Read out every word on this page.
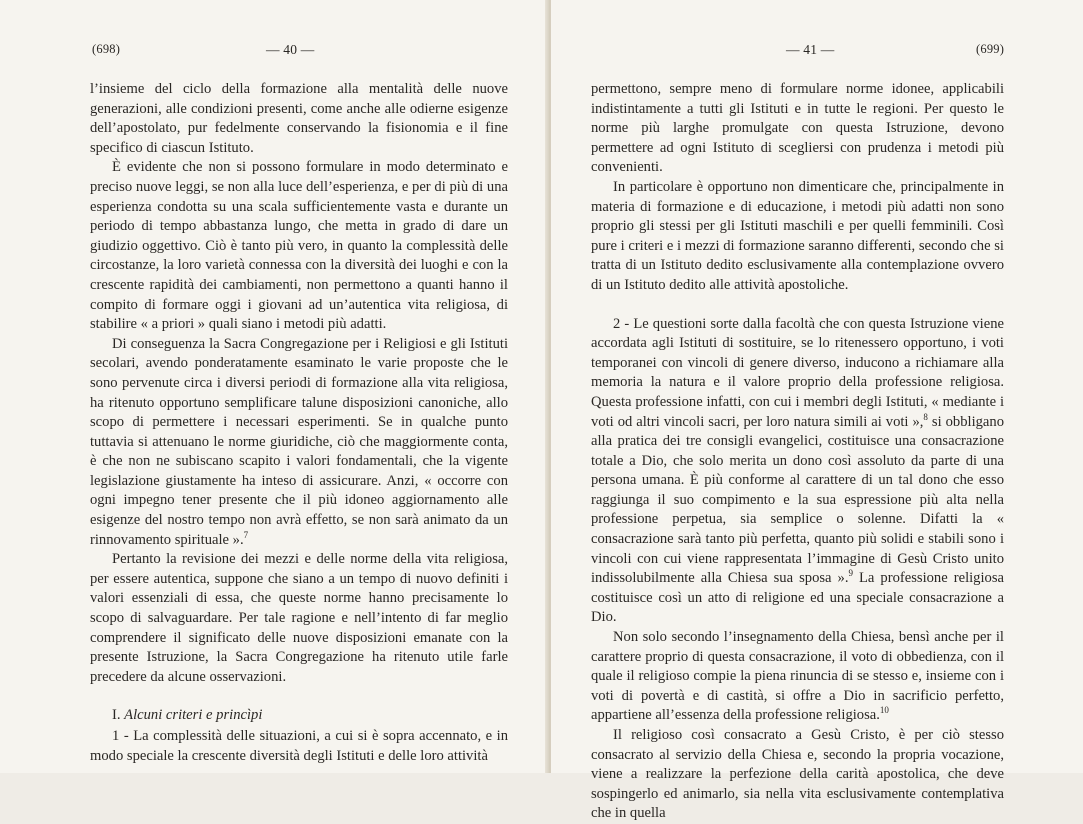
(698)	— 40 —

l’insieme del ciclo della formazione alla mentalità delle nuove generazioni, alle condizioni presenti, come anche alle odierne esigenze dell’apostolato, pur fedelmente conservando la fisionomia e il fine specifico di ciascun Istituto.

È evidente che non si possono formulare in modo determinato e preciso nuove leggi, se non alla luce dell’esperienza, e per di più di una esperienza condotta su una scala sufficientemente vasta e durante un periodo di tempo abbastanza lungo, che metta in grado di dare un giudizio oggettivo. Ciò è tanto più vero, in quanto la complessità delle circostanze, la loro varietà connessa con la diversità dei luoghi e con la crescente rapidità dei cambiamenti, non permettono a quanti hanno il compito di formare oggi i giovani ad un’autentica vita religiosa, di stabilire « a priori » quali siano i metodi più adatti.

Di conseguenza la Sacra Congregazione per i Religiosi e gli Istituti secolari, avendo ponderatamente esaminato le varie proposte che le sono pervenute circa i diversi periodi di formazione alla vita religiosa, ha ritenuto opportuno semplificare talune disposizioni canoniche, allo scopo di permettere i necessari esperimenti. Se in qualche punto tuttavia si attenuano le norme giuridiche, ciò che maggiormente conta, è che non ne subiscano scapito i valori fondamentali, che la vigente legislazione giustamente ha inteso di assicurare. Anzi, « occorre con ogni impegno tener presente che il più idoneo aggiornamento alle esigenze del nostro tempo non avrà effetto, se non sarà animato da un rinnovamento spirituale ».$^7$

Pertanto la revisione dei mezzi e delle norme della vita religiosa, per essere autentica, suppone che siano a un tempo di nuovo definiti i valori essenziali di essa, che queste norme hanno precisamente lo scopo di salvaguardare. Per tale ragione e nell’intento di far meglio comprendere il significato delle nuove disposizioni emanate con la presente Istruzione, la Sacra Congregazione ha ritenuto utile farle precedere da alcune osservazioni.

I. Alcuni criteri e princìpi

1 - La complessità delle situazioni, a cui si è sopra accennato, e in modo speciale la crescente diversità degli Istituti e delle loro attività

— 41 —	(699)

permettono, sempre meno di formulare norme idonee, applicabili indistintamente a tutti gli Istituti e in tutte le regioni. Per questo le norme più larghe promulgate con questa Istruzione, devono permettere ad ogni Istituto di scegliersi con prudenza i metodi più convenienti.

In particolare è opportuno non dimenticare che, principalmente in materia di formazione e di educazione, i metodi più adatti non sono proprio gli stessi per gli Istituti maschili e per quelli femminili. Così pure i criteri e i mezzi di formazione saranno differenti, secondo che si tratta di un Istituto dedito esclusivamente alla contemplazione ovvero di un Istituto dedito alle attività apostoliche.

2 - Le questioni sorte dalla facoltà che con questa Istruzione viene accordata agli Istituti di sostituire, se lo ritenessero opportuno, i voti temporanei con vincoli di genere diverso, inducono a richiamare alla memoria la natura e il valore proprio della professione religiosa. Questa professione infatti, con cui i membri degli Istituti, « mediante i voti od altri vincoli sacri, per loro natura simili ai voti »,$^8$ si obbligano alla pratica dei tre consigli evangelici, costituisce una consacrazione totale a Dio, che solo merita un dono così assoluto da parte di una persona umana. È più conforme al carattere di un tal dono che esso raggiunga il suo compimento e la sua espressione più alta nella professione perpetua, sia semplice o solenne. Difatti la « consacrazione sarà tanto più perfetta, quanto più solidi e stabili sono i vincoli con cui viene rappresentata l’immagine di Gesù Cristo unito indissolubilmente alla Chiesa sua sposa ».$^9$ La professione religiosa costituisce così un atto di religione ed una speciale consacrazione a Dio.

Non solo secondo l’insegnamento della Chiesa, bensì anche per il carattere proprio di questa consacrazione, il voto di obbedienza, con il quale il religioso compie la piena rinuncia di se stesso e, insieme con i voti di povertà e di castità, si offre a Dio in sacrificio perfetto, appartiene all’essenza della professione religiosa.$^{10}$

Il religioso così consacrato a Gesù Cristo, è per ciò stesso consacrato al servizio della Chiesa e, secondo la propria vocazione, viene a realizzare la perfezione della carità apostolica, che deve sospingerlo ed animarlo, sia nella vita esclusivamente contemplativa che in quella
